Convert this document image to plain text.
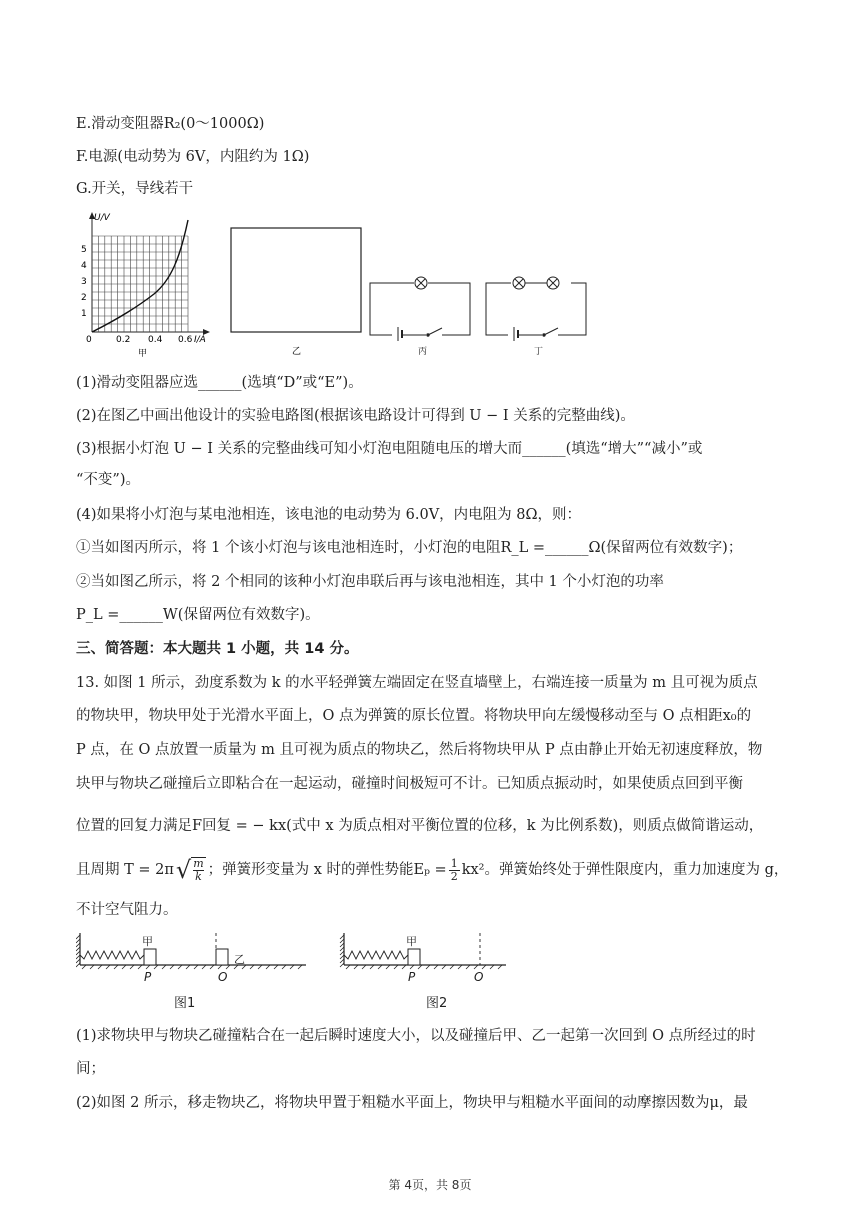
E.滑动变阻器R₂(0～1000Ω)
F.电源(电动势为 6V，内阻约为 1Ω)
G.开关，导线若干
U/V
I/A
1
2
3
4
5
0	0.2 0.4 0.6
甲	乙	丙	丁
(1)滑动变阻器应选______(选填“D”或“E”)。
(2)在图乙中画出他设计的实验电路图(根据该电路设计可得到 U − I 关系的完整曲线)。
(3)根据小灯泡 U − I 关系的完整曲线可知小灯泡电阻随电压的增大而______(填选“增大”“减小”或
“不变”)。
(4)如果将小灯泡与某电池相连，该电池的电动势为 6.0V，内电阻为 8Ω，则：
①当如图丙所示，将 1 个该小灯泡与该电池相连时，小灯泡的电阻R_L =______Ω(保留两位有效数字)；
②当如图乙所示，将 2 个相同的该种小灯泡串联后再与该电池相连，其中 1 个小灯泡的功率
P_L =______W(保留两位有效数字)。
三、简答题：本大题共 1 小题，共 14 分。
13. 如图 1 所示，劲度系数为 k 的水平轻弹簧左端固定在竖直墙壁上，右端连接一质量为 m 且可视为质点
的物块甲，物块甲处于光滑水平面上，O 点为弹簧的原长位置。将物块甲向左缓慢移动至与 O 点相距x₀的
P 点，在 O 点放置一质量为 m 且可视为质点的物块乙，然后将物块甲从 P 点由静止开始无初速度释放，物
块甲与物块乙碰撞后立即粘合在一起运动，碰撞时间极短可不计。已知质点振动时，如果使质点回到平衡
位置的回复力满足F回复 = − kx(式中 x 为质点相对平衡位置的位移，k 为比例系数)，则质点做简谐运动，
且周期 T = 2π √ m
k ；弹簧形变量为 x 时的弹性势能$E_p = \frac{1}{2} kx^2$。弹簧始终处于弹性限度内，重力加速度为 g，
不计空气阻力。
甲
乙
P	O
图1
甲
P	O
图2
(1)求物块甲与物块乙碰撞粘合在一起后瞬时速度大小，以及碰撞后甲、乙一起第一次回到 O 点所经过的时
间；
(2)如图 2 所示，移走物块乙，将物块甲置于粗糙水平面上，物块甲与粗糙水平面间的动摩擦因数为μ，最
第 4页，共 8页
